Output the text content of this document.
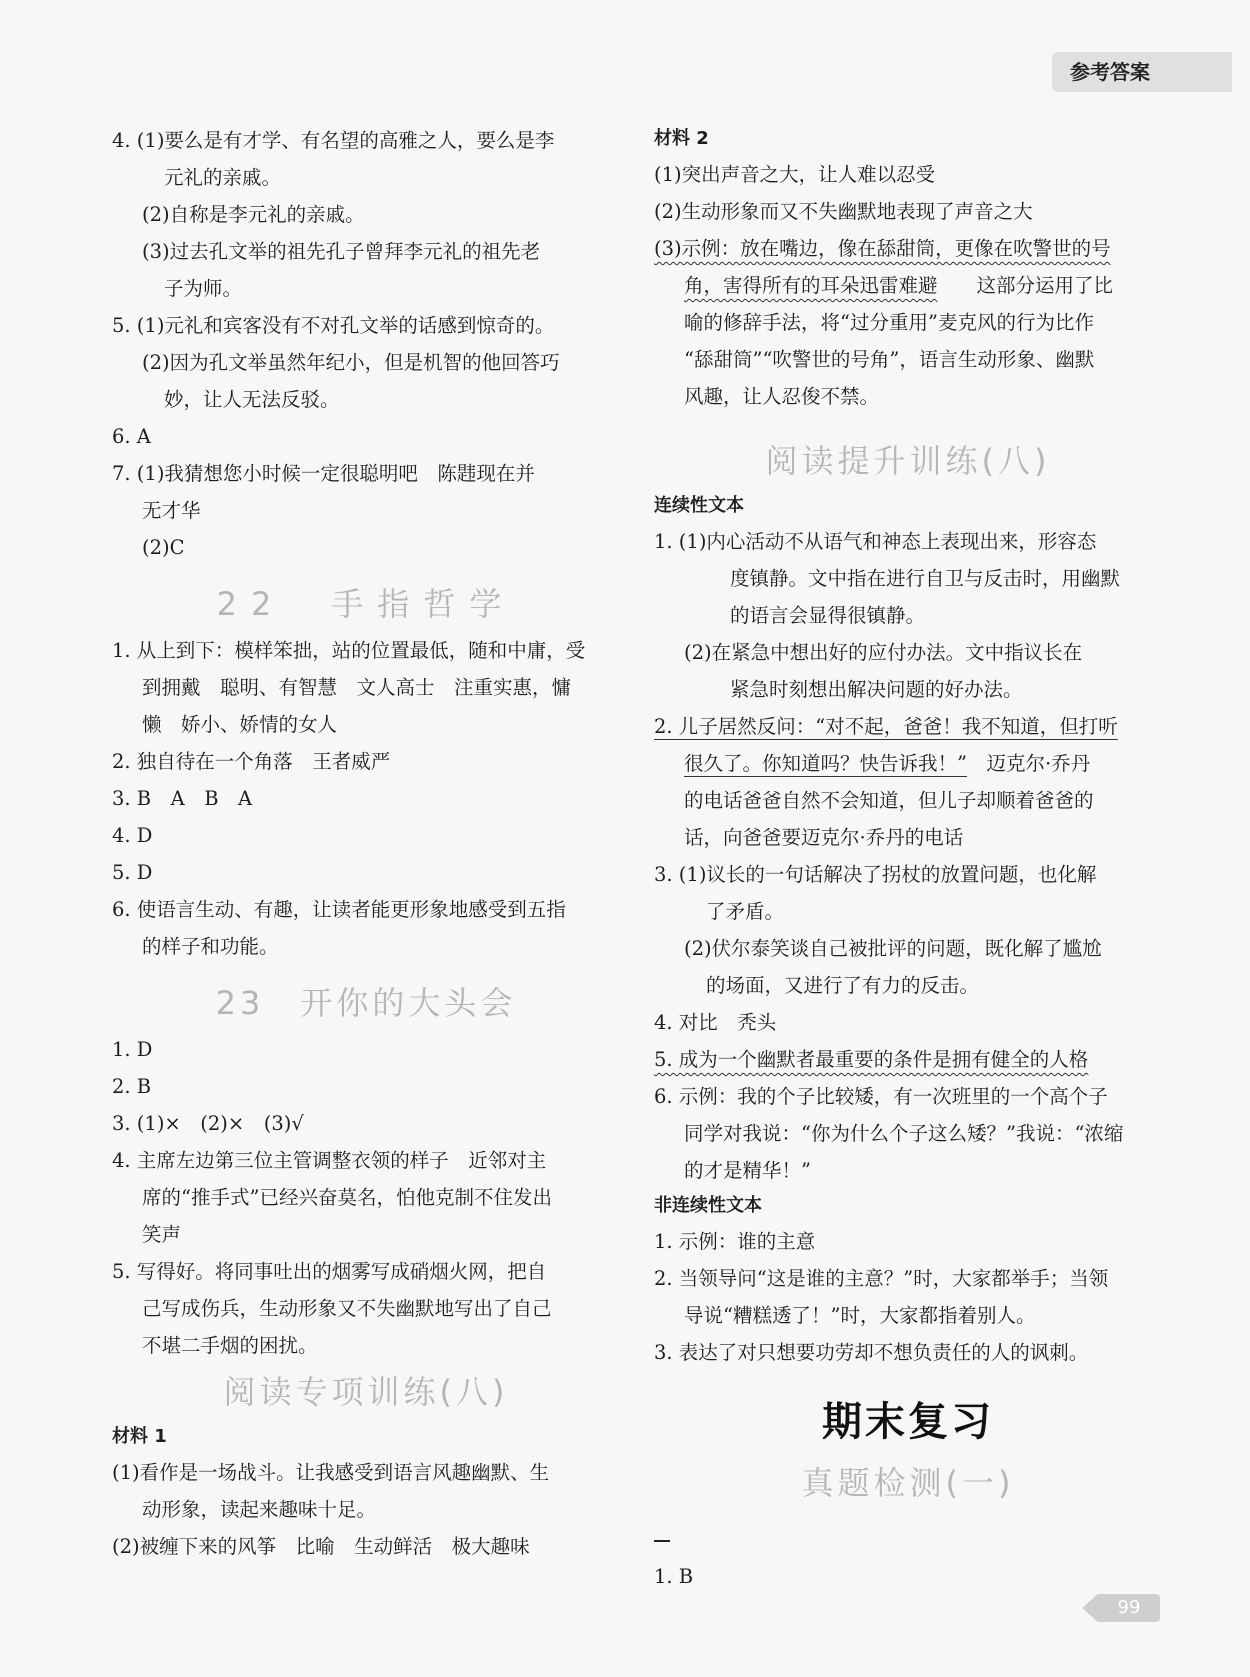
参考答案
4. (1)要么是有才学、有名望的高雅之人，要么是李
元礼的亲戚。
(2)自称是李元礼的亲戚。
(3)过去孔文举的祖先孔子曾拜李元礼的祖先老
子为师。
5. (1)元礼和宾客没有不对孔文举的话感到惊奇的。
(2)因为孔文举虽然年纪小，但是机智的他回答巧
妙，让人无法反驳。
6. A
7. (1)我猜想您小时候一定很聪明吧　陈韪现在并
无才华
(2)C
22　手指哲学
1. 从上到下：模样笨拙，站的位置最低，随和中庸，受
到拥戴　聪明、有智慧　文人高士　注重实惠，慵
懒　娇小、娇情的女人
2. 独自待在一个角落　王者威严
3. B　A　B　A
4. D
5. D
6. 使语言生动、有趣，让读者能更形象地感受到五指
的样子和功能。
23　开你的大头会
1. D
2. B
3. (1)×　(2)×　(3)√
4. 主席左边第三位主管调整衣领的样子　近邻对主
席的“推手式”已经兴奋莫名，怕他克制不住发出
笑声
5. 写得好。将同事吐出的烟雾写成硝烟火网，把自
己写成伤兵，生动形象又不失幽默地写出了自己
不堪二手烟的困扰。
阅读专项训练(八)
材料 1
(1)看作是一场战斗。让我感受到语言风趣幽默、生
动形象，读起来趣味十足。
(2)被缠下来的风筝　比喻　生动鲜活　极大趣味
材料 2
(1)突出声音之大，让人难以忍受
(2)生动形象而又不失幽默地表现了声音之大
(3)示例：放在嘴边，像在舔甜筒，更像在吹警世的号
角，害得所有的耳朵迅雷难避　　 这部分运用了比
喻的修辞手法，将“过分重用”麦克风的行为比作
“舔甜筒”“吹警世的号角”，语言生动形象、幽默
风趣，让人忍俊不禁。
阅读提升训练(八)
连续性文本
1. (1)内心活动不从语气和神态上表现出来，形容态
度镇静。文中指在进行自卫与反击时，用幽默
的语言会显得很镇静。
(2)在紧急中想出好的应付办法。文中指议长在
紧急时刻想出解决问题的好办法。
2. 儿子居然反问：“对不起，爸爸！我不知道，但打听
很久了。你知道吗？快告诉我！”　 迈克尔·乔丹
的电话爸爸自然不会知道，但儿子却顺着爸爸的
话，向爸爸要迈克尔·乔丹的电话
3. (1)议长的一句话解决了拐杖的放置问题，也化解
了矛盾。
(2)伏尔泰笑谈自己被批评的问题，既化解了尴尬
的场面，又进行了有力的反击。
4. 对比　秃头
5. 成为一个幽默者最重要的条件是拥有健全的人格
6. 示例：我的个子比较矮，有一次班里的一个高个子
同学对我说：“你为什么个子这么矮？”我说：“浓缩
的才是精华！”
非连续性文本
1. 示例：谁的主意
2. 当领导问“这是谁的主意？”时，大家都举手；当领
导说“糟糕透了！”时，大家都指着别人。
3. 表达了对只想要功劳却不想负责任的人的讽刺。
期末复习
真题检测(一)
1. B
99
